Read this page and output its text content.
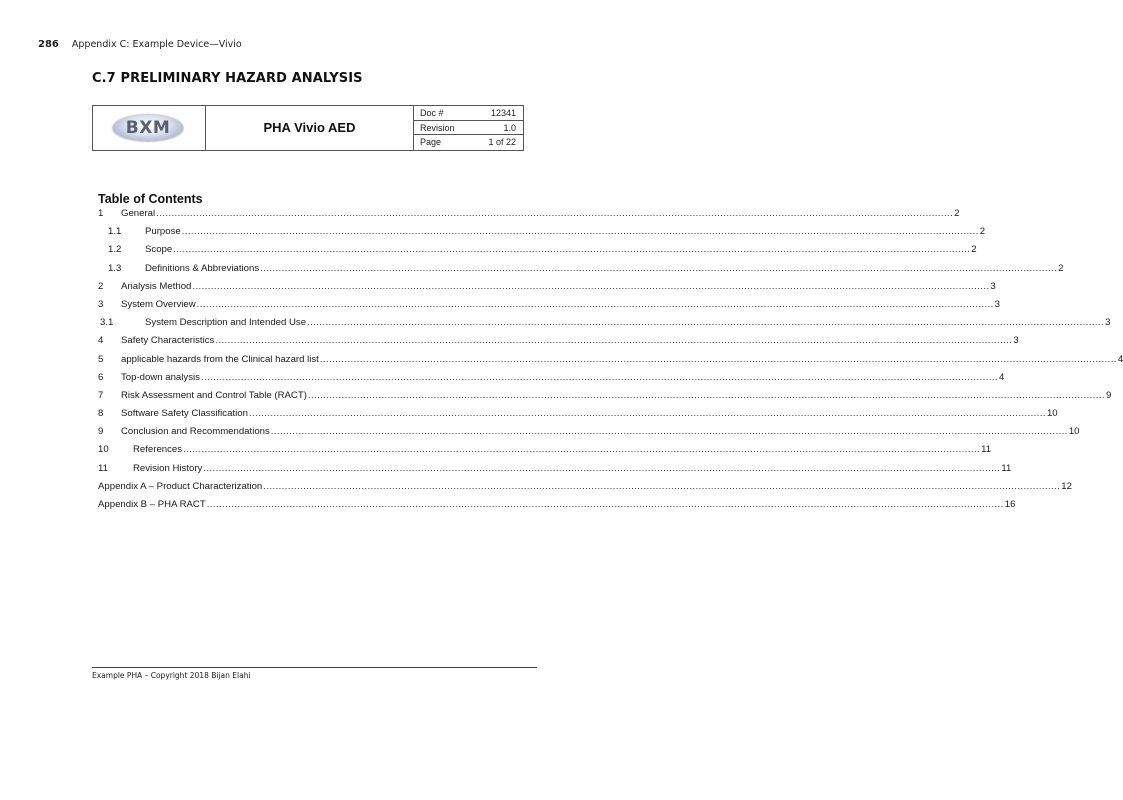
286 Appendix C: Example Device—Vivio
C.7 PRELIMINARY HAZARD ANALYSIS
BXM	PHA Vivio AED
Doc #	12341
Revision	1.0
Page	1 of 22
Table of Contents
1	General .................................................................................................................................................................................................................................................................... 2
1.1	Purpose .................................................................................................................................................................................................................................................................... 2
1.2	Scope .................................................................................................................................................................................................................................................................... 2
1.3	Definitions & Abbreviations .................................................................................................................................................................................................................................................................... 2
2	Analysis Method .................................................................................................................................................................................................................................................................... 3
3	System Overview .................................................................................................................................................................................................................................................................... 3
3.1	System Description and Intended Use .................................................................................................................................................................................................................................................................... 3
4	Safety Characteristics .................................................................................................................................................................................................................................................................... 3
5	applicable hazards from the Clinical hazard list .................................................................................................................................................................................................................................................................... 4
6	Top-down analysis .................................................................................................................................................................................................................................................................... 4
7	Risk Assessment and Control Table (RACT) .................................................................................................................................................................................................................................................................... 9
8	Software Safety Classification .................................................................................................................................................................................................................................................................... 10
9	Conclusion and Recommendations .................................................................................................................................................................................................................................................................... 10
10	References .................................................................................................................................................................................................................................................................... 11
11	Revision History .................................................................................................................................................................................................................................................................... 11
Appendix A – Product Characterization .................................................................................................................................................................................................................................................................... 12
Appendix B – PHA RACT .................................................................................................................................................................................................................................................................... 16
Example PHA – Copyright 2018 Bijan Elahi
